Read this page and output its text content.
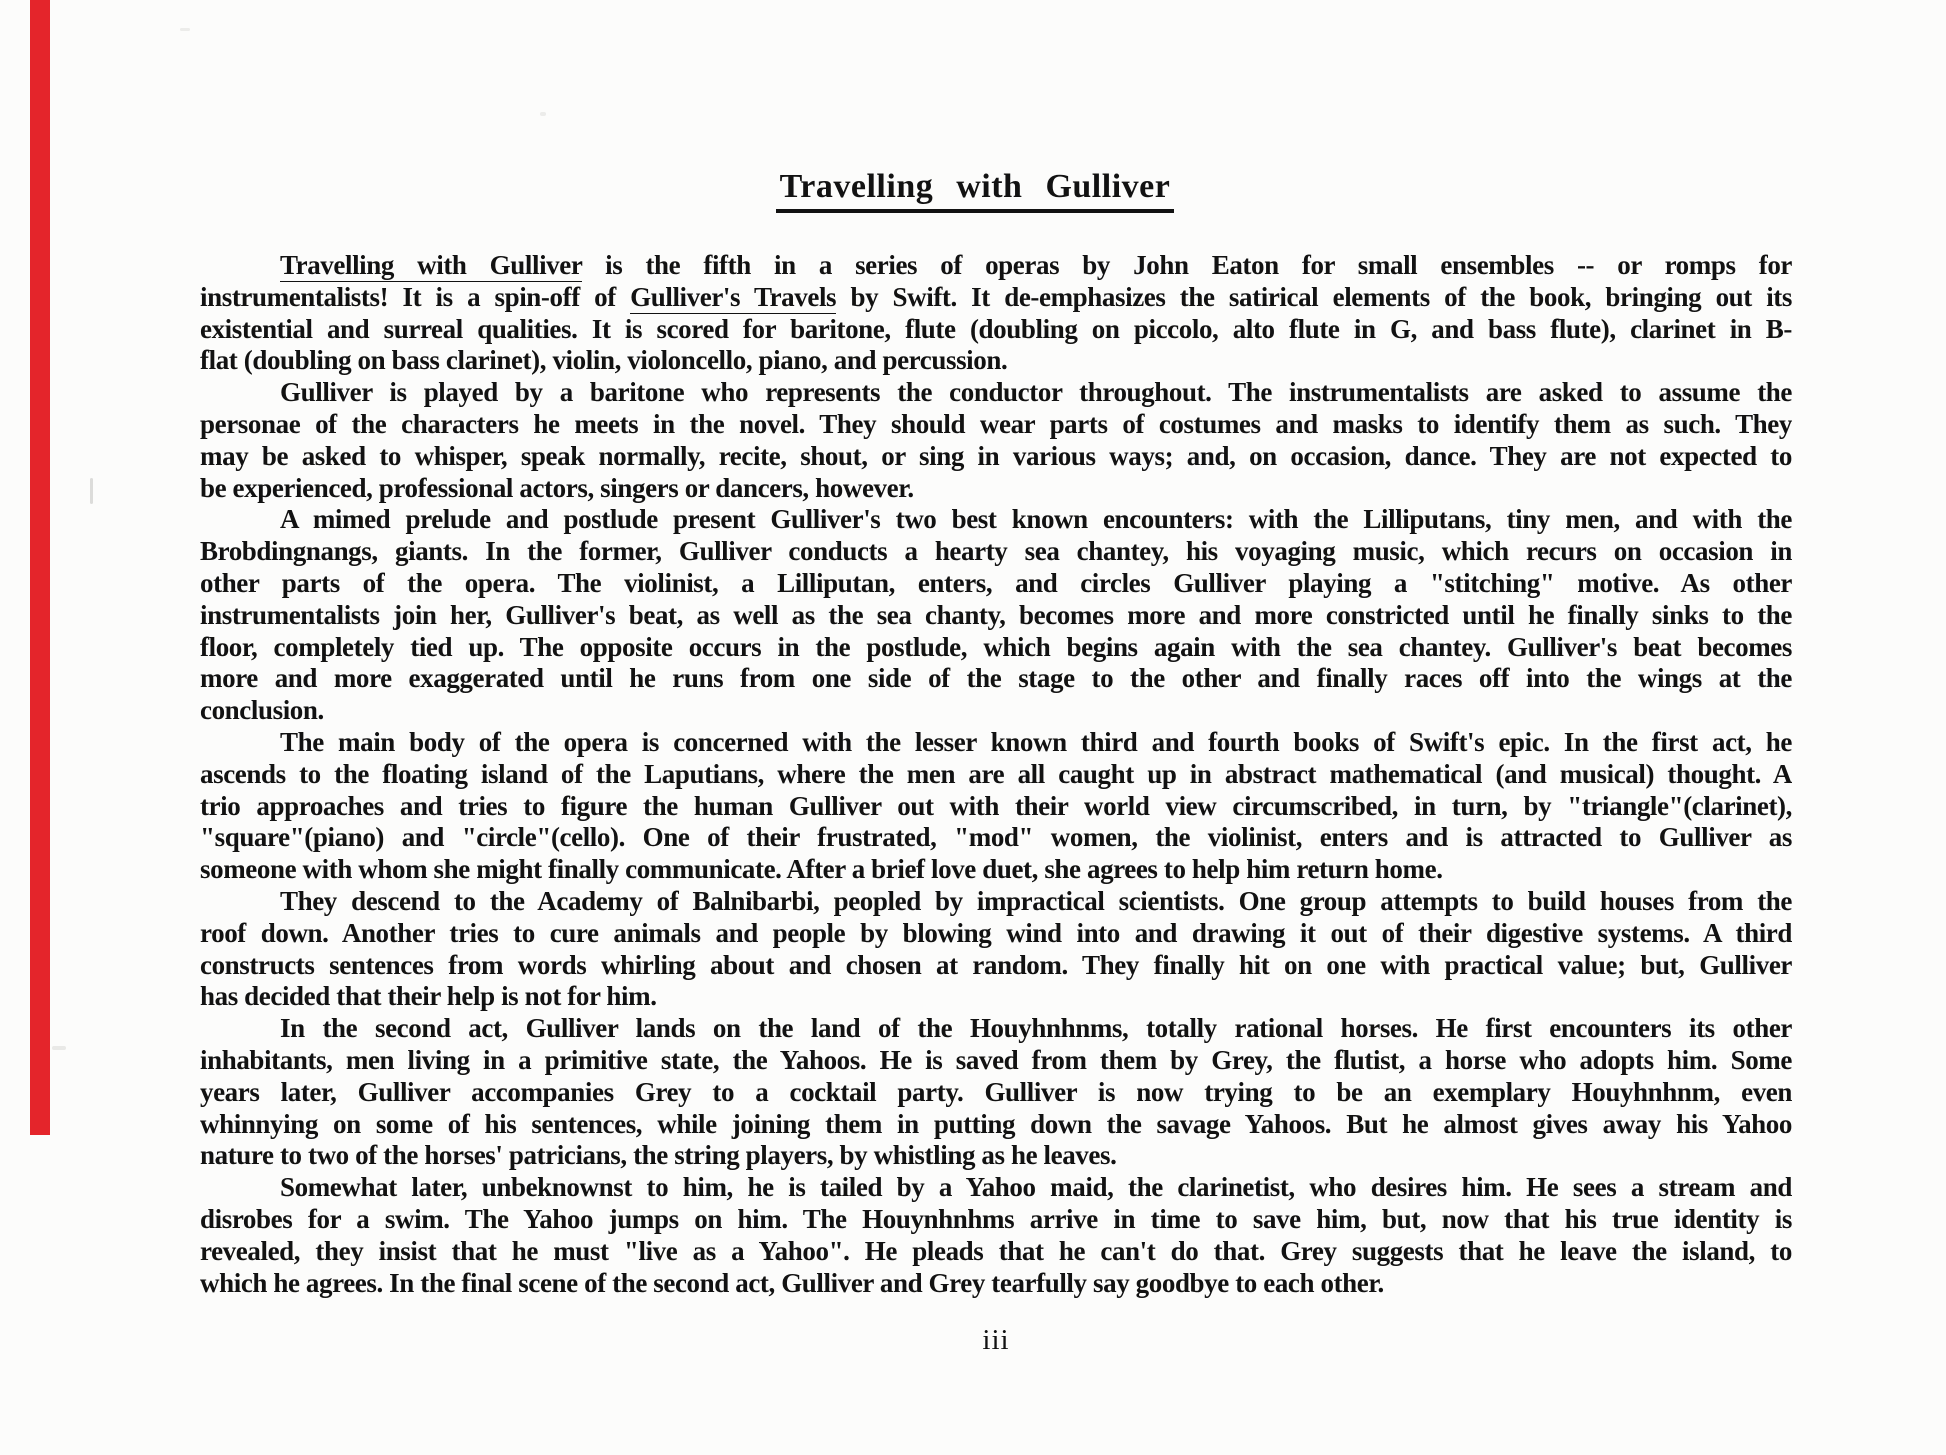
Travelling with Gulliver
Travelling with Gulliver is the fifth in a series of operas by John Eaton for small ensembles -- or romps for
instrumentalists! It is a spin-off of Gulliver's Travels by Swift. It de-emphasizes the satirical elements of the book, bringing out its
existential and surreal qualities. It is scored for baritone, flute (doubling on piccolo, alto flute in G, and bass flute), clarinet in B-
flat (doubling on bass clarinet), violin, violoncello, piano, and percussion.
Gulliver is played by a baritone who represents the conductor throughout. The instrumentalists are asked to assume the
personae of the characters he meets in the novel. They should wear parts of costumes and masks to identify them as such. They
may be asked to whisper, speak normally, recite, shout, or sing in various ways; and, on occasion, dance. They are not expected to
be experienced, professional actors, singers or dancers, however.
A mimed prelude and postlude present Gulliver's two best known encounters: with the Lilliputans, tiny men, and with the
Brobdingnangs, giants. In the former, Gulliver conducts a hearty sea chantey, his voyaging music, which recurs on occasion in
other parts of the opera. The violinist, a Lilliputan, enters, and circles Gulliver playing a "stitching" motive. As other
instrumentalists join her, Gulliver's beat, as well as the sea chanty, becomes more and more constricted until he finally sinks to the
floor, completely tied up. The opposite occurs in the postlude, which begins again with the sea chantey. Gulliver's beat becomes
more and more exaggerated until he runs from one side of the stage to the other and finally races off into the wings at the
conclusion.
The main body of the opera is concerned with the lesser known third and fourth books of Swift's epic. In the first act, he
ascends to the floating island of the Laputians, where the men are all caught up in abstract mathematical (and musical) thought. A
trio approaches and tries to figure the human Gulliver out with their world view circumscribed, in turn, by "triangle"(clarinet),
"square"(piano) and "circle"(cello). One of their frustrated, "mod" women, the violinist, enters and is attracted to Gulliver as
someone with whom she might finally communicate. After a brief love duet, she agrees to help him return home.
They descend to the Academy of Balnibarbi, peopled by impractical scientists. One group attempts to build houses from the
roof down. Another tries to cure animals and people by blowing wind into and drawing it out of their digestive systems. A third
constructs sentences from words whirling about and chosen at random. They finally hit on one with practical value; but, Gulliver
has decided that their help is not for him.
In the second act, Gulliver lands on the land of the Houyhnhnms, totally rational horses. He first encounters its other
inhabitants, men living in a primitive state, the Yahoos. He is saved from them by Grey, the flutist, a horse who adopts him. Some
years later, Gulliver accompanies Grey to a cocktail party. Gulliver is now trying to be an exemplary Houyhnhnm, even
whinnying on some of his sentences, while joining them in putting down the savage Yahoos. But he almost gives away his Yahoo
nature to two of the horses' patricians, the string players, by whistling as he leaves.
Somewhat later, unbeknownst to him, he is tailed by a Yahoo maid, the clarinetist, who desires him. He sees a stream and
disrobes for a swim. The Yahoo jumps on him. The Houynhnhms arrive in time to save him, but, now that his true identity is
revealed, they insist that he must "live as a Yahoo". He pleads that he can't do that. Grey suggests that he leave the island, to
which he agrees. In the final scene of the second act, Gulliver and Grey tearfully say goodbye to each other.
iii
